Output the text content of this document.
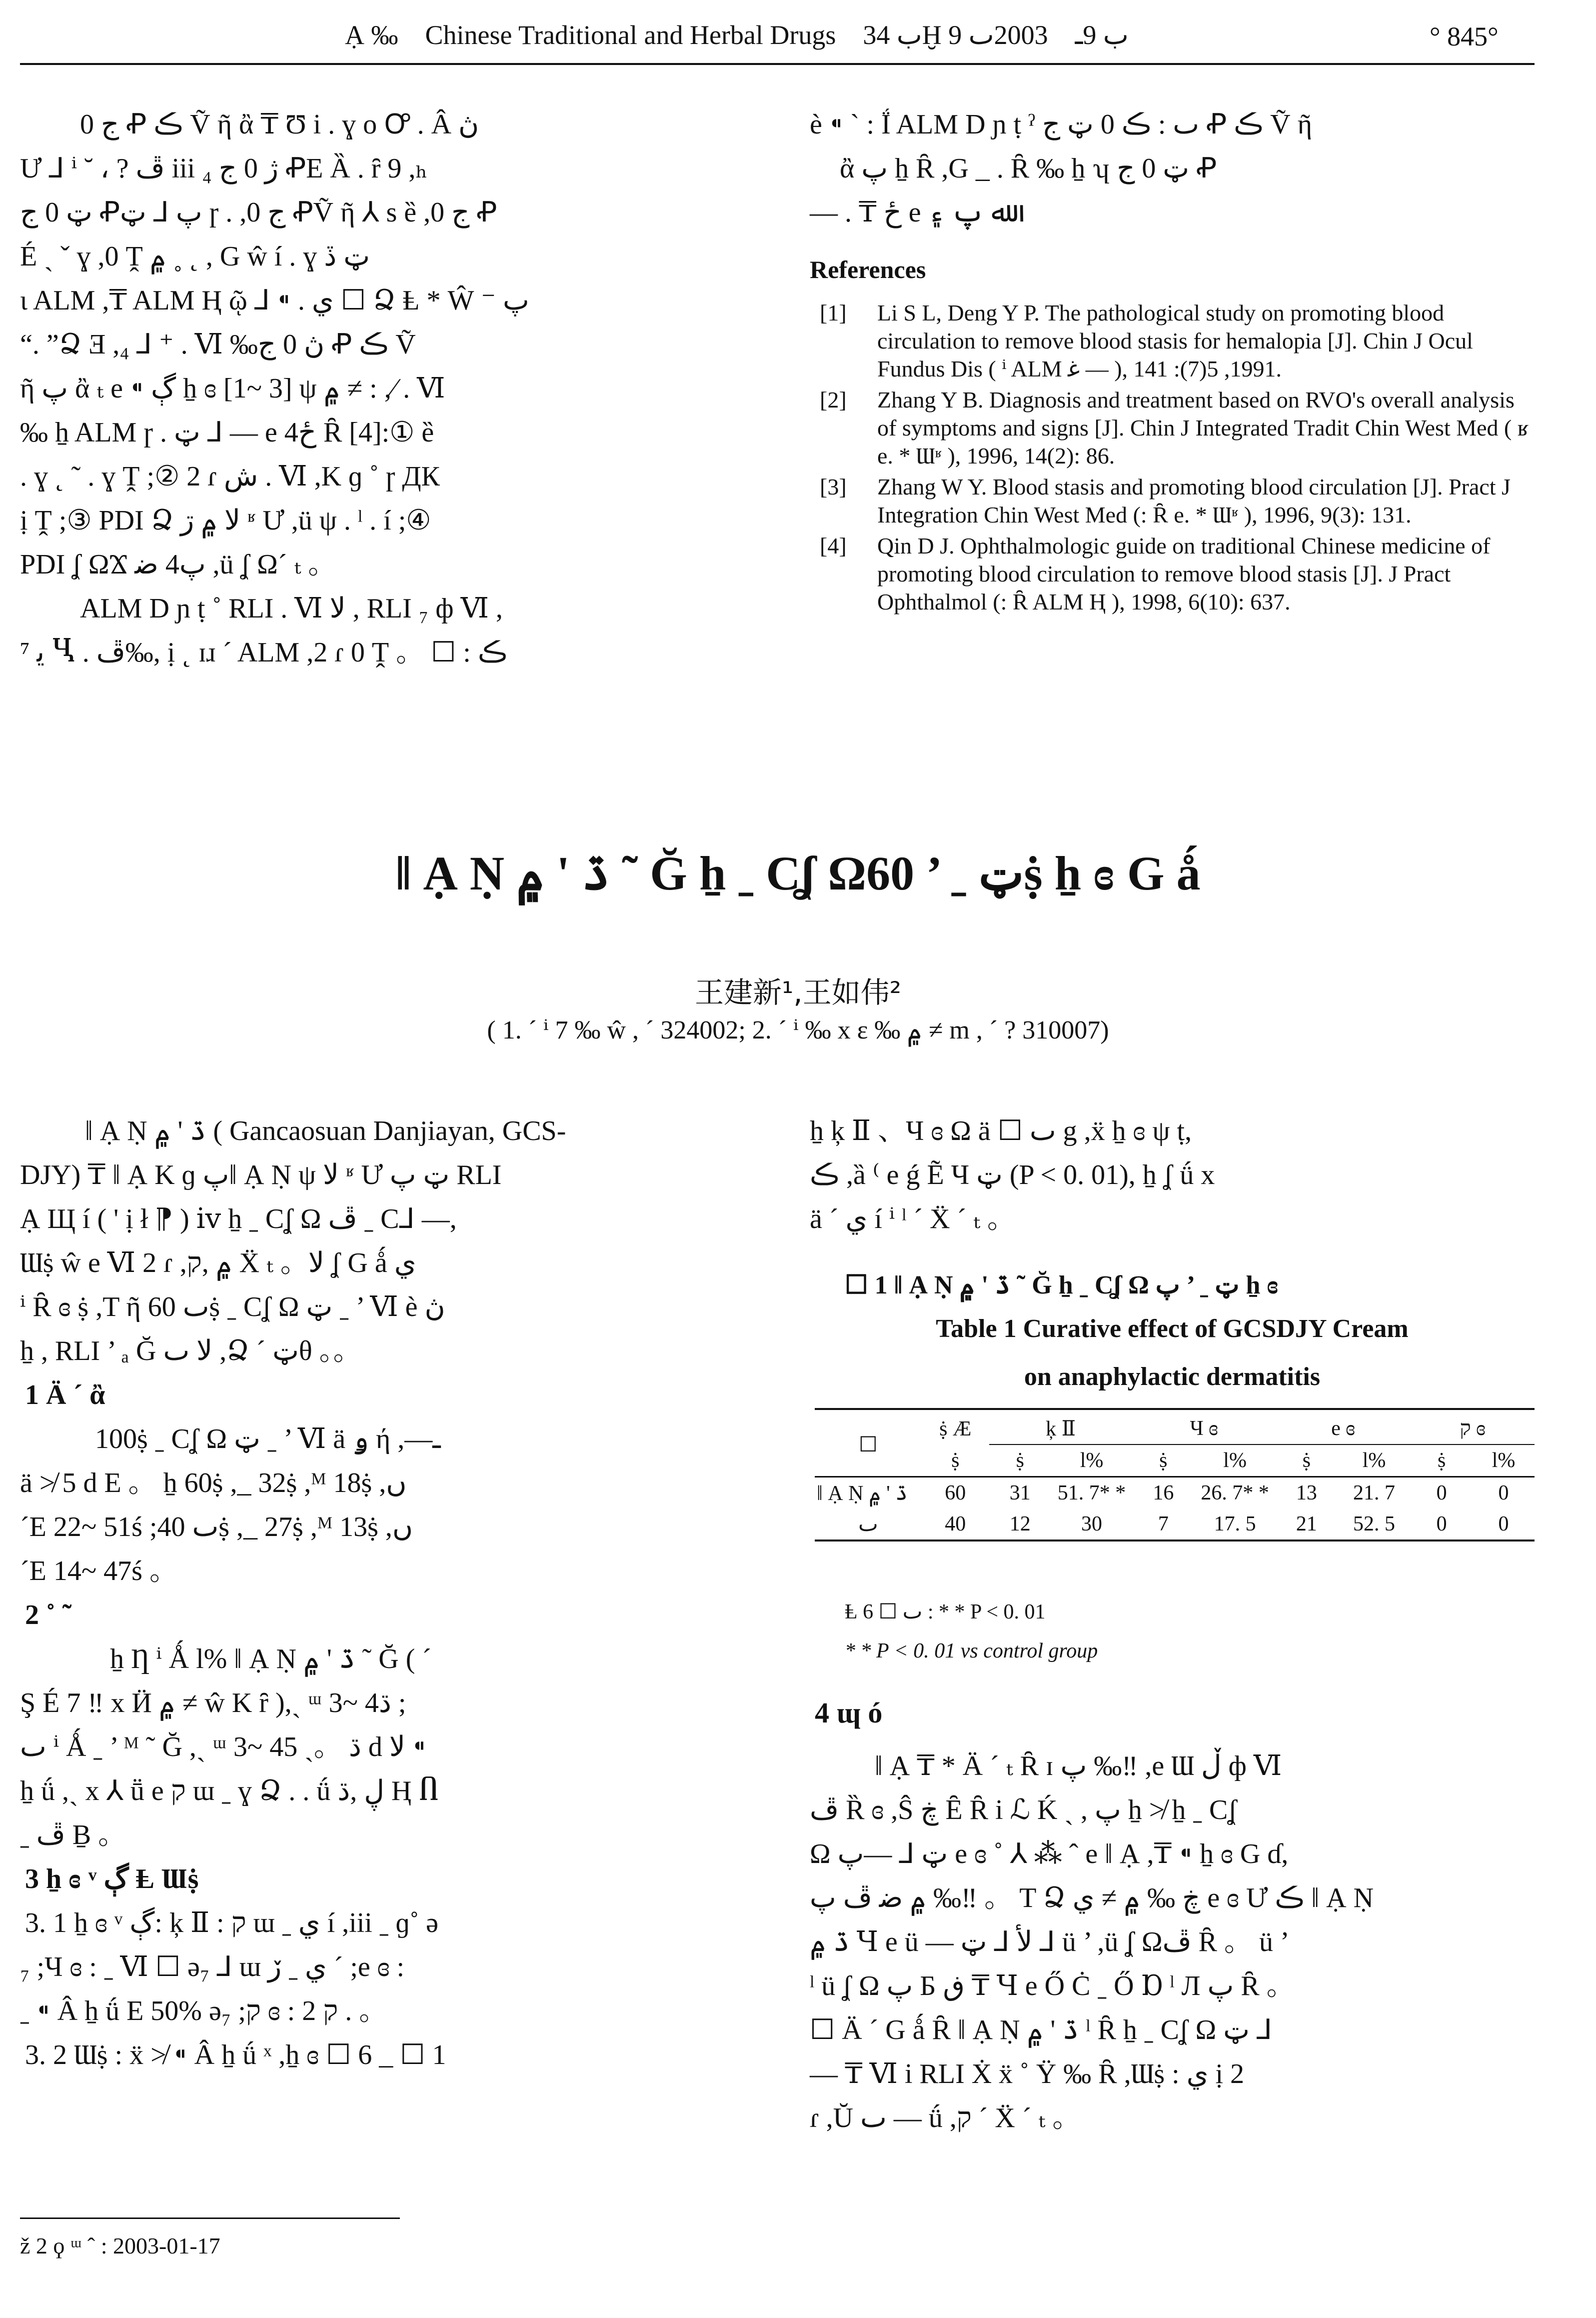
Ạ ‰ Chinese Traditional and Herbal Drugs ب 34Ḫ ب 9ـ    2003ٮ 9	° 845°
0 ج Ꝓ ڪ Ṽ ῆ ἂ ₸ Ʊ i . ɣ o Ꝍ . Â ڽ
Ư ⅃ ⁱ ˘ ، ? ڦ iii ₄ ژ 0 ج ꝒE Ȁ . ȓ 9 ,ₕ
ټ 0 ج Ꝓپ ⅃ ټ ɼ . ,0 ج ꝒṼ ῆ ⅄ s ȅ ,0 ج Ꝓ
É ˏ ˇ ɣ ,0 Ṱ ۾ ˳ ˛ , G ŵ í . ɣ ټ ڏ
ɩ ALM ,₸ ALM Ⱨ ῷ ⅃ ⁌ . ي ☐ Ձ Ⱡ * Ŵ ⁻ پ
“. ”Ձ Ǝ ,₄ ⅃ ⁺ . Ⅵ ‰ڽ 0 ج Ꝓ ڪ Ṽ
ῆ پ ἂ ₜ e ⁌ ڳ ẖ ɞ [1~ 3] ψ ۾ ≠ : ,⁄ . Ⅵ
‰ ẖ ALM ɼ . ټ ⅃ — e 4ځ Ȓ [4]:① ȅ
. ɣ ˛ ˜ . ɣ Ṱ ;② 2 ɾ ش . Ⅵ ,K ɡ ˚ ɼ ДК
ị Ṱ ;③ PDI Ձ ﻻ ۾ ڗ ʶ Ư ,ü ψ . ˡ . í ;④
PDI ʆ ΩϪ پ4 ﺿ ,ü ʆ Ω´ ₜ 。
ALM D ɲ ṭ ˚ RLI . Ⅵ ﻻ , RLI ₇ ф Ⅵ ,
⁷ ﻳ Ⴁ . ڦ‰, ị ˛ ɪɹ ˊ ALM ,2 ɾ 0 Ṱ 。 ☐ : ڪ
è ⁌ ` : Ḯ ALM D ɲ ṭ ˀ ٮ : ڪ 0 ټ ج Ꝓ ڪ Ṽ ῆ
ἂ پ ẖ Ȓ ,G _ . Ȓ ‰ ẖ ʮ ټ 0 ج Ꝓ
— . ₸ ځ e ﷲ پ ۽
References
[1]	Li S L, Deng Y P. The pathological study on promoting blood circulation to remove blood stasis for hemalopia [J]. Chin J Ocul Fundus Dis ( ⁱ ALM ﻏ — ), 1991, 5(7): 141.
[2]	Zhang Y B. Diagnosis and treatment based on RVO's overall analysis of symptoms and signs [J]. Chin J Integrated Tradit Chin West Med ( ʁ e. * Ɯʶ ), 1996, 14(2): 86.
[3]	Zhang W Y. Blood stasis and promoting blood circulation [J]. Pract J Integration Chin West Med (: Ȓ e. * Ɯʶ ), 1996, 9(3): 131.
[4]	Qin D J. Ophthalmologic guide on traditional Chinese medicine of promoting blood circulation to remove blood stasis [J]. J Pract Ophthalmol (: Ȓ ALM Ⱨ ), 1998, 6(10): 637.
‖ Ạ Ṇ ڌ ' ۾ ˜ Ğ ẖ ˍ Cʆ Ωټ ˍ ’ 60ṩ ẖ ɞ G ǻ
王建新¹,王如伟²
( 1. ˊ ⁱ 7 ‰ ŵ , ˊ 324002; 2. ˊ ⁱ ‰ x ɛ ‰ ۾ ≠ m , ˊ ? 310007)
‖ Ạ Ṇ ڌ ' ۾ ( Gancaosuan Danjiayan, GCS-
DJY) ₸ ‖ Ạ K ɡ پ‖ Ạ Ṇ ψ ﻻ ʶ Ư ټ پ RLI
Ạ Щ í ( ' ị ł ⁋ ) ⅳ ẖ ˍ Cʆ Ω ڦ ˍ C⅃ —,
Ɯṩ ŵ e Ⅵ 2 ɾ ,۾ ,ק Ẍ ₜ 。ﻻ ʆ G ǻ ي
ⁱ Ȓ ɞ ṩ ,T ῆ ٮ 60ṩ ˍ Cʆ Ω ټ ˍ ’ Ⅵ è ڽ
ẖ , RLI ’ ₐ Ğ ﻻ ٮ ,Ձ ˊ ټθ 。。
1 Ä ˊ ἂ
100ṩ ˍ Cʆ Ω ټ ˍ ’ Ⅵ ä ۅ ή ,—ـ
ä ≯ 5 d E 。 ẖ 60ṩ ,_ 32ṩ ,ᴹ 18ṩ ,ں
ˊE 22~ 51ś ;ٮ 40ṩ ,_ 27ṩ ,ᴹ 13ṩ ,ں
ˊE 14~ 47ś 。
2 ˚ ˜
ẖ Ƞ ⁱ Ǻ l% ‖ Ạ Ṇ ڌ ' ۾ ˜ Ğ ( ˊ
Ş É 7 ‼ x Ӥ ۾ ≠ ŵ K ȓ ),ˏ ᵚ 3~ 4ڌ ;
ٮ ⁱ Ǻ ˍ ’ ᴹ ˜ Ğ ,ˏ ᵚ 3~ 4ڌ 。ˏ 5 d ﻻ ⁌
ẖ ǘ ,ˏ x ⅄ ṻ e ק ɯ ˍ ɣ Ձ . . ǘ ڸ ,ڌ Ⱨ Ⴖ
ˍ ڦ Ḇ 。
3 ẖ ɞ ᵛ ڳ Ⱡ Ɯṩ
3. 1 ẖ ɞ ᵛ ڳ: ķ Ⅱ : ק ɯ ˍ ي í ,iii ˍ ɡ˚ ə
₇ ;Ч ɞ : ˍ Ⅵ ☐ ə₇ ⅃ ɯ ي ˍ ڒ ˊ ;e ɞ :
ˍ ⁌ Â ẖ ǘ E 50% ə₇ ;ק ɞ : ק 2 . 。
3. 2 Ɯṩ : ẍ ≯ ⁌ Â ẖ ǘ ˣ ,ẖ ɞ ☐ 6 _ ☐ 1
ž 2 ϙ ᵚ ˆ : 2003-01-17
ẖ ķ Ⅱ 、Ч ɞ Ω ä ☐ ٮ g ,ẍ ẖ ɞ ψ ṭ,
ڪ ,ȁ ⁽ e ǵ Ẽ Ч ټ (P < 0. 01), ẖ ʆ ǘ x
ä ˊ ي í ⁱ ˡ ˊ Ẍ ˊ ₜ 。
☐ 1 ‖ Ạ Ṇ ڌ ' ۾ ˜ Ğ ẖ ˍ Cʆ Ω ټ ˍ ’ پ ẖ ɞ
Table 1 Curative effect of GCSDJY Cream
on anaphylactic dermatitis
☐	ṩ Æ	ķ Ⅱ		Ч ɞ		e ɞ		ק ɞ	
	ṩ	ṩ	l%	ṩ	l%	ṩ	l%	ṩ	l%
‖ Ạ Ṇ ڌ ' ۾	60	31	51. 7* *	16	26. 7* *	13	21. 7	0	0
ٮ	40	12	30	7	17. 5	21	52. 5	0	0
Ⱡ ٮ ☐ 6 : * * P < 0. 01
* * P < 0. 01 vs control group
4 ɰ ó
‖ Ạ ₸ * Ä ˊ ₜ Ȓ ɪ پ ‰‼ ,e Ɯ ڵ ф Ⅵ
ڦ Ȑ ɞ ,Ŝ ڿ Ȇ Ȓ i ℒ Ḱ ˏ , پ ẖ ≯ ẖ ˍ Cʆ
Ω ټ ⅃ —پ e ɞ ˚ ⅄ ⁂ ˆ e ‖ Ạ ,₸ ⁌ ẖ ɞ G ɗ,
۾ ﺿ ڦ پ ‰‼ 。 T Ձ ڿ ‰ ۾ ≠ ي e ɞ Ư ڪ ‖ Ạ Ṇ
ڌ ۾ Ɥ e ü — ﻷ ⅃ ټ ⅃ ü ’ ,ü ʆ Ωڦ Ȓ 。 ü ’
ˡ ü ʆ Ω پ Ƃ ڧ ₸ Ɥ e Ő Ċ ˍ Ő Ɒ ˡ Л پ Ȓ 。
☐ Ä ˊ G ǻ Ȓ ‖ Ạ Ṇ ڌ ' ۾ ˡ Ȓ ẖ ˍ Cʆ Ω ټ ⅃
— ₸ Ⅵ i RLI Ẋ ẍ ˚ Ÿ ‰ Ȓ ,Ɯṩ : ي ị 2
ɾ ,Ŭ ٮ — ǘ ,ק ˊ Ẍ ˊ ₜ 。
